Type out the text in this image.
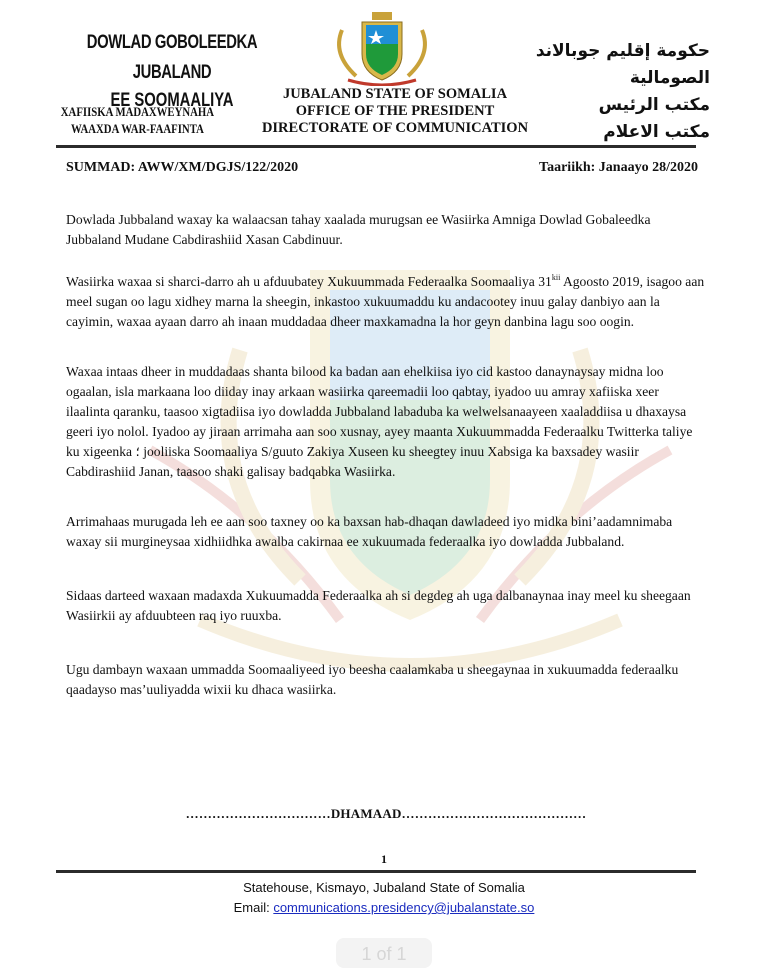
DOWLAD GOBOLEEDKA JUBALAND
EE SOOMAALIYA
XAFIISKA MADAXWEYNAHA
WAAXDA WAR-FAAFINTA
JUBALAND STATE OF SOMALIA
OFFICE OF THE PRESIDENT
DIRECTORATE OF COMMUNICATION
حكومة إقليم جوبالاند الصومالية
مكتب الرئيس
مكتب الاعلام
SUMMAD: AWW/XM/DGJS/122/2020	Taariikh: Janaayo 28/2020

Dowlada Jubbaland waxay ka walaacsan tahay xaalada murugsan ee Wasiirka Amniga Dowlad Gobaleedka Jubbaland Mudane Cabdirashiid Xasan Cabdinuur.

Wasiirka waxaa si sharci-darro ah u afduubatey Xukuummada Federaalka Soomaaliya $31^{kii}$ Agoosto 2019, isagoo aan meel sugan oo lagu xidhey marna la sheegin, inkastoo xukuumaddu ku andacootey inuu galay danbiyo aan la cayimin, waxaa ayaan darro ah inaan muddadaa dheer maxkamadna la hor geyn danbina lagu soo oogin.

Waxaa intaas dheer in muddadaas shanta bilood ka badan aan ehelkiisa iyo cid kastoo danaynaysay midna loo ogaalan, isla markaana loo diiday inay arkaan wasiirka qareemadii loo qabtay, iyadoo uu amray xafiiska xeer ilaalinta qaranku, taasoo xigtadiisa iyo dowladda Jubbaland labaduba ka welwelsanaayeen xaaladdiisa u dhaxaysa geeri iyo nolol. Iyadoo ay jiraan arrimaha aan soo xusnay, ayey maanta Xukuummadda Federaalku Twitterka taliye ku xigeenka ؛ jooliiska Soomaaliya S/guuto Zakiya Xuseen ku sheegtey inuu Xabsiga ka baxsadey wasiir Cabdirashiid Janan, taasoo shaki galisay badqabka Wasiirka.

Arrimahaas murugada leh ee aan soo taxney oo ka baxsan hab-dhaqan dawladeed iyo midka bini’aadamnimaba waxay sii murgineysaa xidhiidhka awalba cakirnaa ee xukuumada federaalka iyo dowladda Jubbaland.

Sidaas darteed waxaan madaxda Xukuumadda Federaalka ah si degdeg ah uga dalbanaynaa inay meel ku sheegaan Wasiirkii ay afduubteen raq iyo ruuxba.

Ugu dambayn waxaan ummadda Soomaaliyeed iyo beesha caalamkaba u sheegaynaa in xukuumadda federaalku qaadayso mas’uuliyadda wixii ku dhaca wasiirka.

……………………………DHAMAAD……………………………………
1
Statehouse, Kismayo, Jubaland State of Somalia
Email: communications.presidency@jubalanstate.so
1 of 1
